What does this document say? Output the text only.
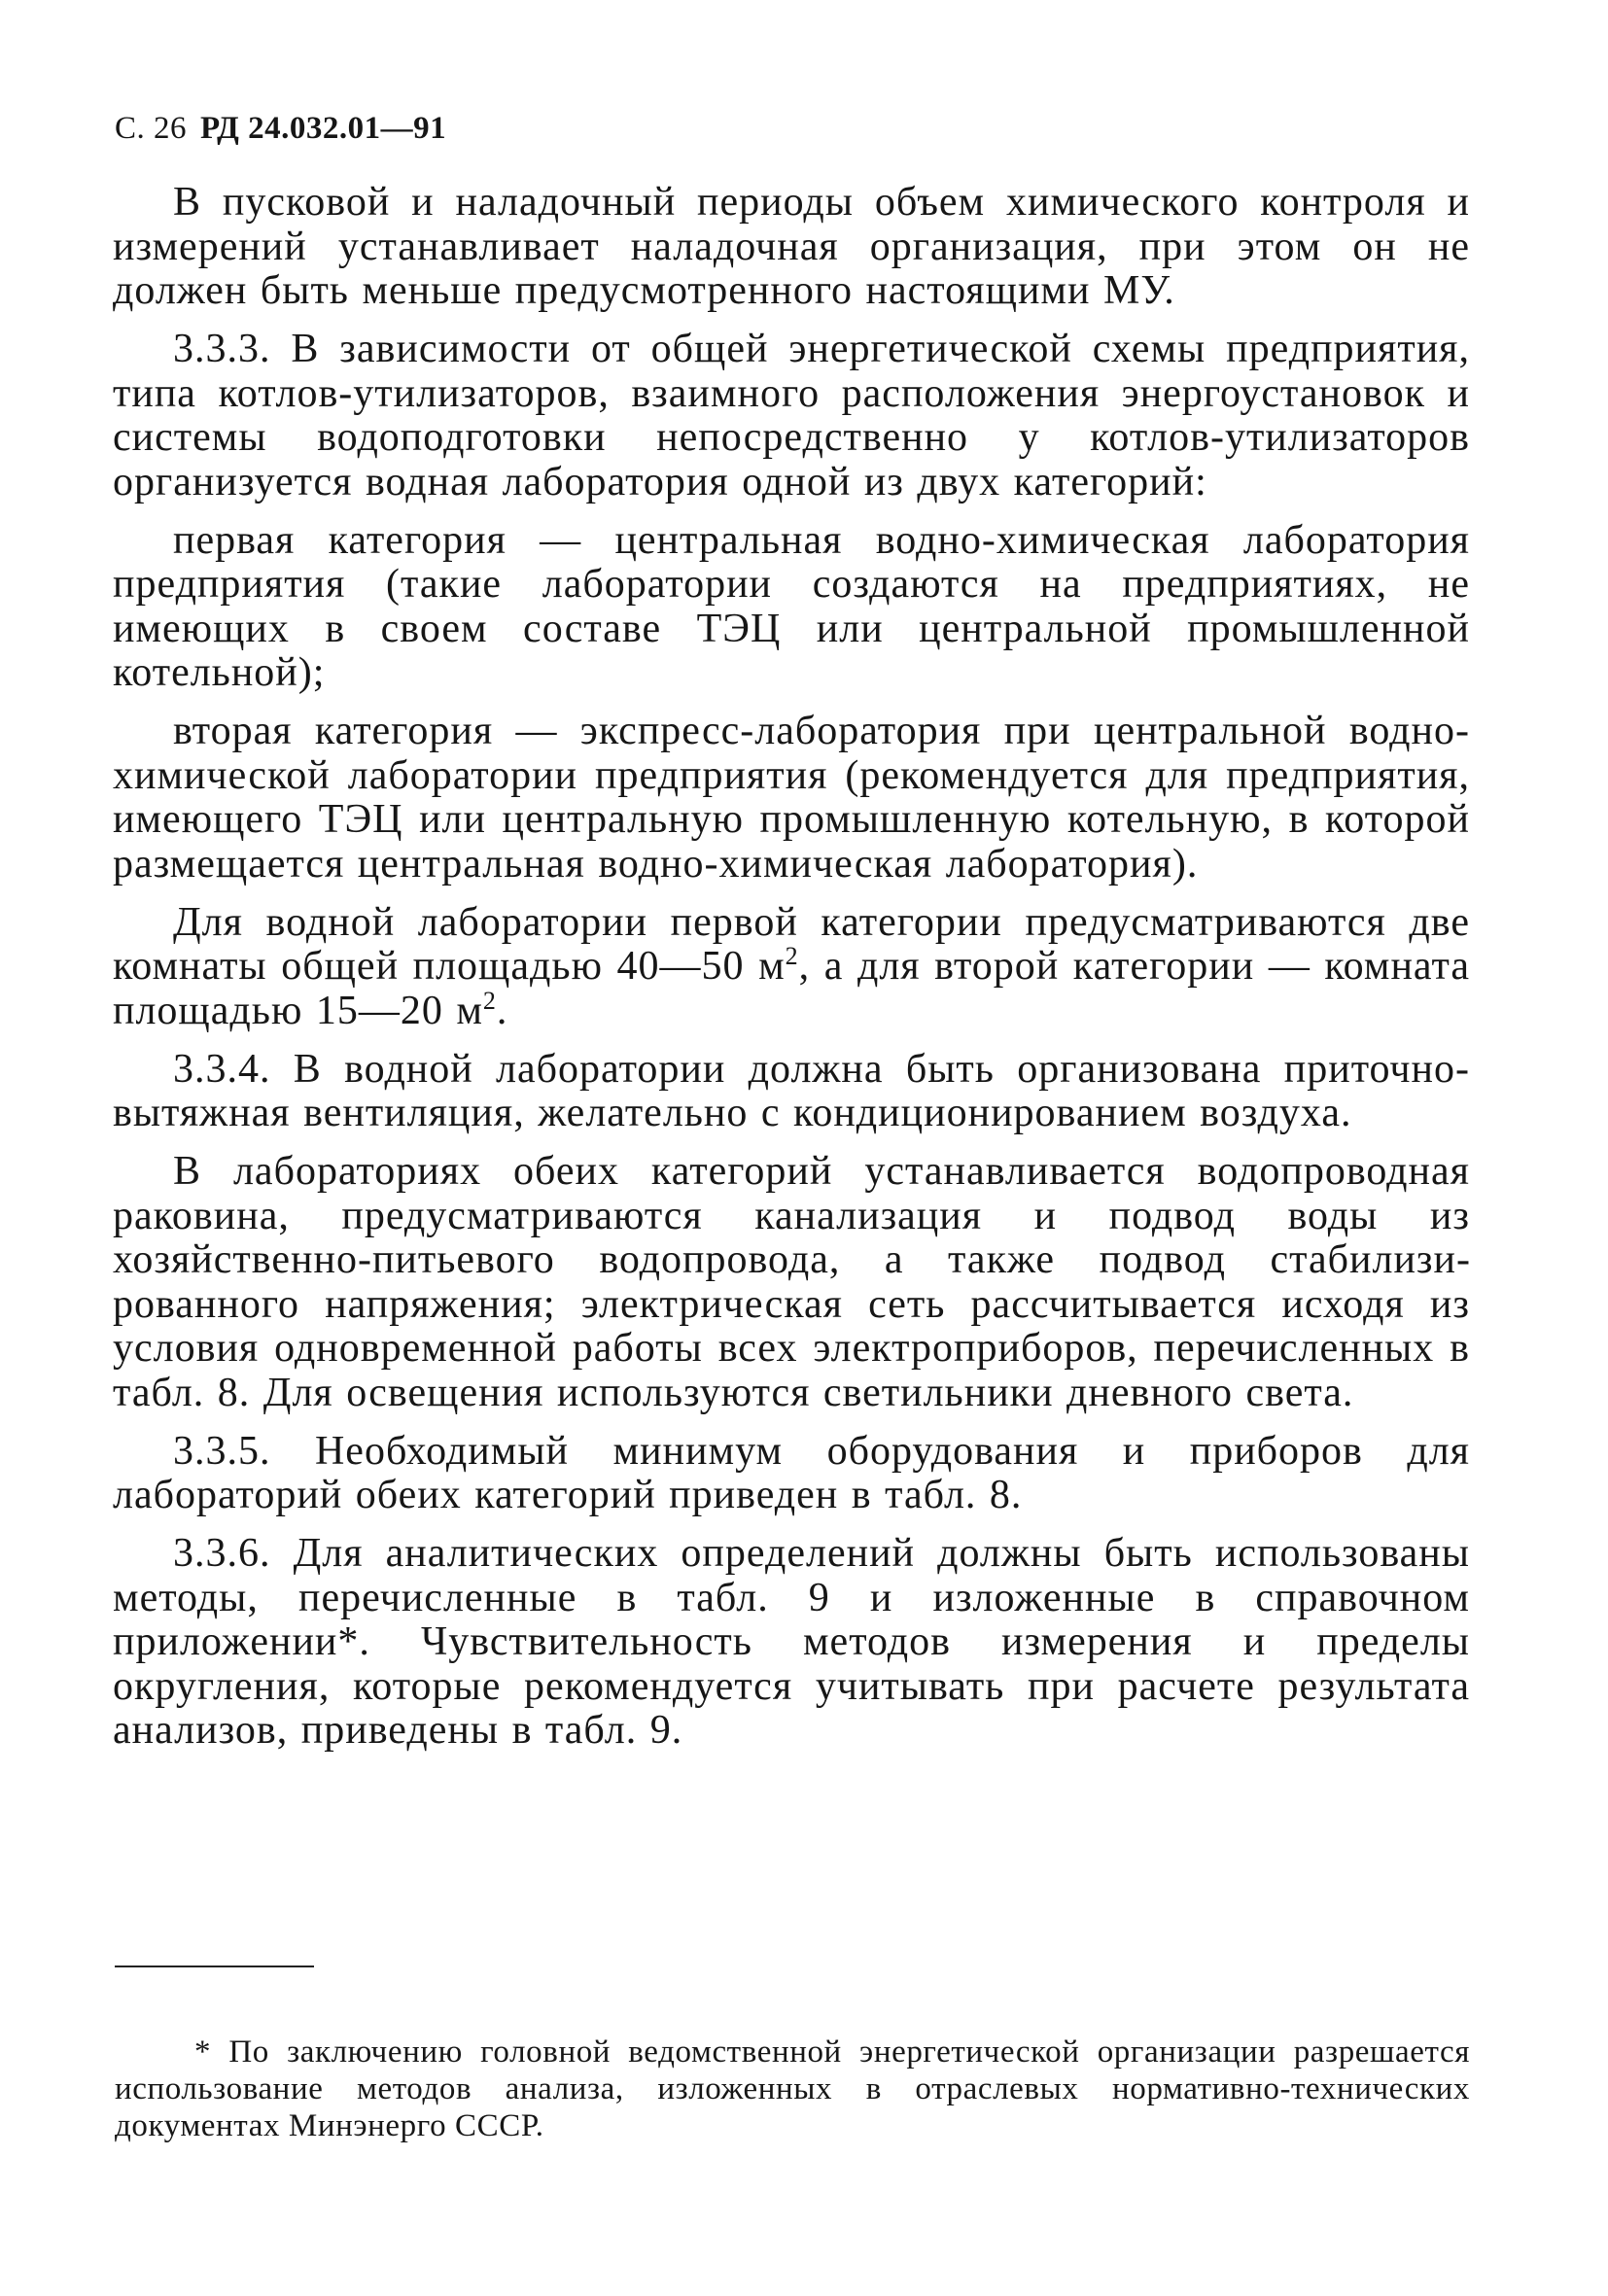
С. 26 РД 24.032.01—91

В пусковой и наладочный периоды объем химического контроля и измерений устанавливает наладочная организация, при этом он не должен быть меньше предусмотренного настоящими МУ.

3.3.3. В зависимости от общей энергетической схемы предприятия, типа котлов-утилизаторов, взаимного расположения энергоустановок и системы водоподготовки непосредственно у котлов-утилизаторов организуется водная лаборатория одной из двух категорий:

первая категория — центральная водно-химическая лаборатория предприятия (такие лаборатории создаются на предприятиях, не имеющих в своем составе ТЭЦ или центральной промышленной котельной);

вторая категория — экспресс-лаборатория при центральной водно-химической лаборатории предприятия (рекомендуется для предприятия, имеющего ТЭЦ или центральную промышленную котельную, в которой размещается центральная водно-химическая лаборатория).

Для водной лаборатории первой категории предусматриваются две комнаты общей площадью 40—50 $м^2$, а для второй категории — комната площадью 15—20 $м^2$.

3.3.4. В водной лаборатории должна быть организована приточно-вытяжная вентиляция, желательно с кондиционированием воздуха.

В лабораториях обеих категорий устанавливается водопроводная раковина, предусматриваются канализация и подвод воды из хозяйственно-питьевого водопровода, а также подвод стабилизированного напряжения; электрическая сеть рассчитывается исходя из условия одновременной работы всех электроприборов, перечисленных в табл. 8. Для освещения используются светильники дневного света.

3.3.5. Необходимый минимум оборудования и приборов для лабораторий обеих категорий приведен в табл. 8.

3.3.6. Для аналитических определений должны быть использованы методы, перечисленные в табл. 9 и изложенные в справочном приложении*. Чувствительность методов измерения и пределы округления, которые рекомендуется учитывать при расчете результата анализов, приведены в табл. 9.

* По заключению головной ведомственной энергетической организации разрешается использование методов анализа, изложенных в отраслевых нормативно-технических документах Минэнерго СССР.
